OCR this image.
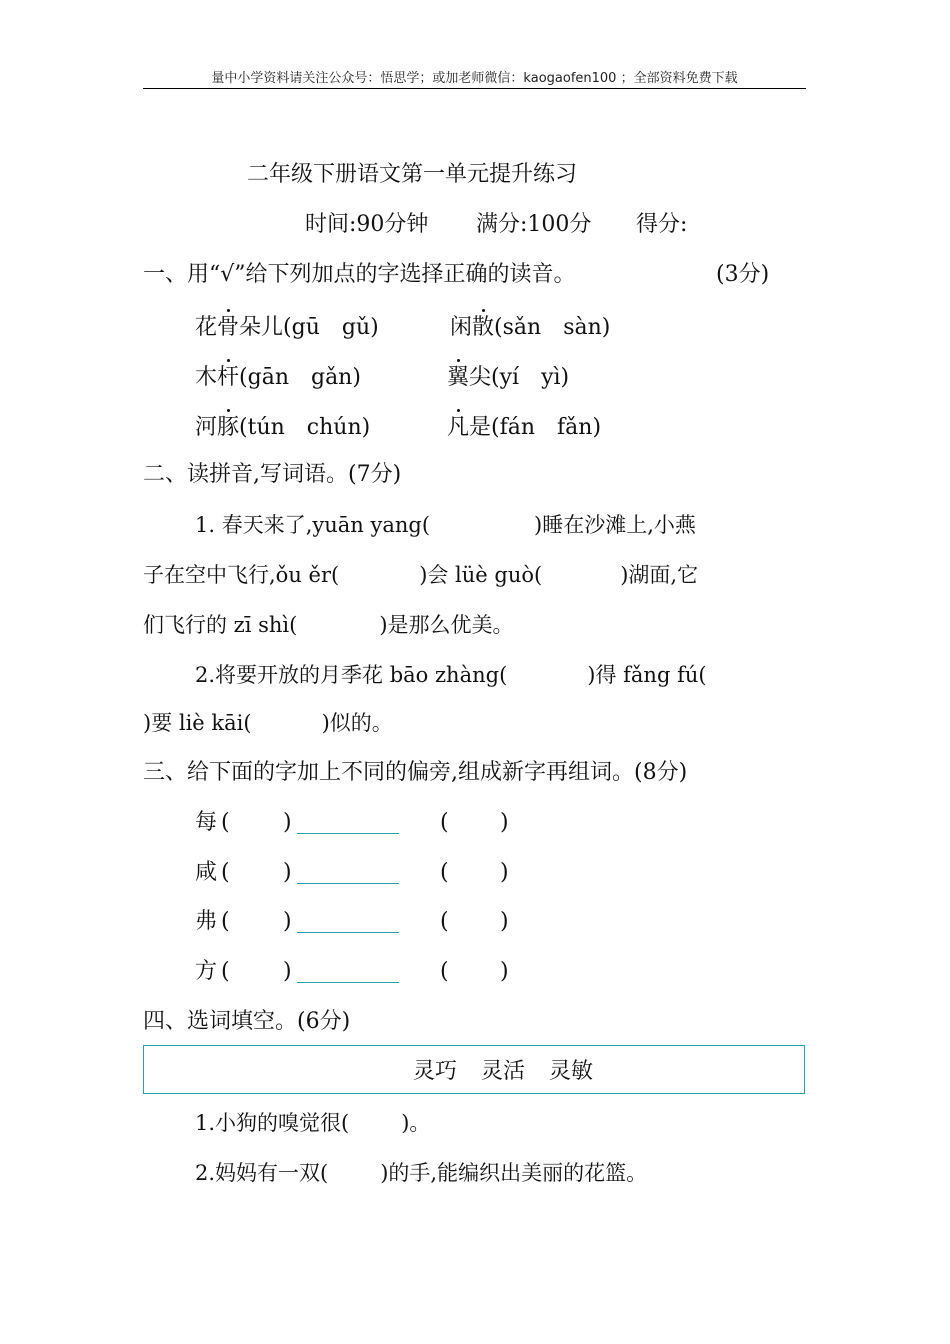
量中小学资料请关注公众号：悟思学；或加老师微信：kaogaofen100 ；全部资料免费下载
二年级下册语文第一单元提升练习
时间:90分钟 满分:100分 得分:
一、用“√”给下列加点的字选择正确的读音。	(3分)
花骨朵儿(gū　gǔ)	闲散(sǎn　sàn)
木杆(gān　gǎn)	翼尖(yí　yì)
河豚(tún　chún)	凡是(fán　fǎn)
二、读拼音,写词语。(7分)
1. 春天来了,yuān yang(	)睡在沙滩上,小燕
子在空中飞行,ǒu ěr(	)会 lüè guò(	)湖面,它
们飞行的 zī shì(	)是那么优美。
2.将要开放的月季花 bāo zhàng(	)得 fǎng fú(
)要 liè kāi(	)似的。
三、给下面的字加上不同的偏旁,组成新字再组词。(8分)
每 ( )	( )
咸 ( )	( )
弗 ( )	( )
方 ( )	( )
四、选词填空。(6分)
灵巧 灵活 灵敏
1.小狗的嗅觉很( )。
2.妈妈有一双( )的手,能编织出美丽的花篮。
